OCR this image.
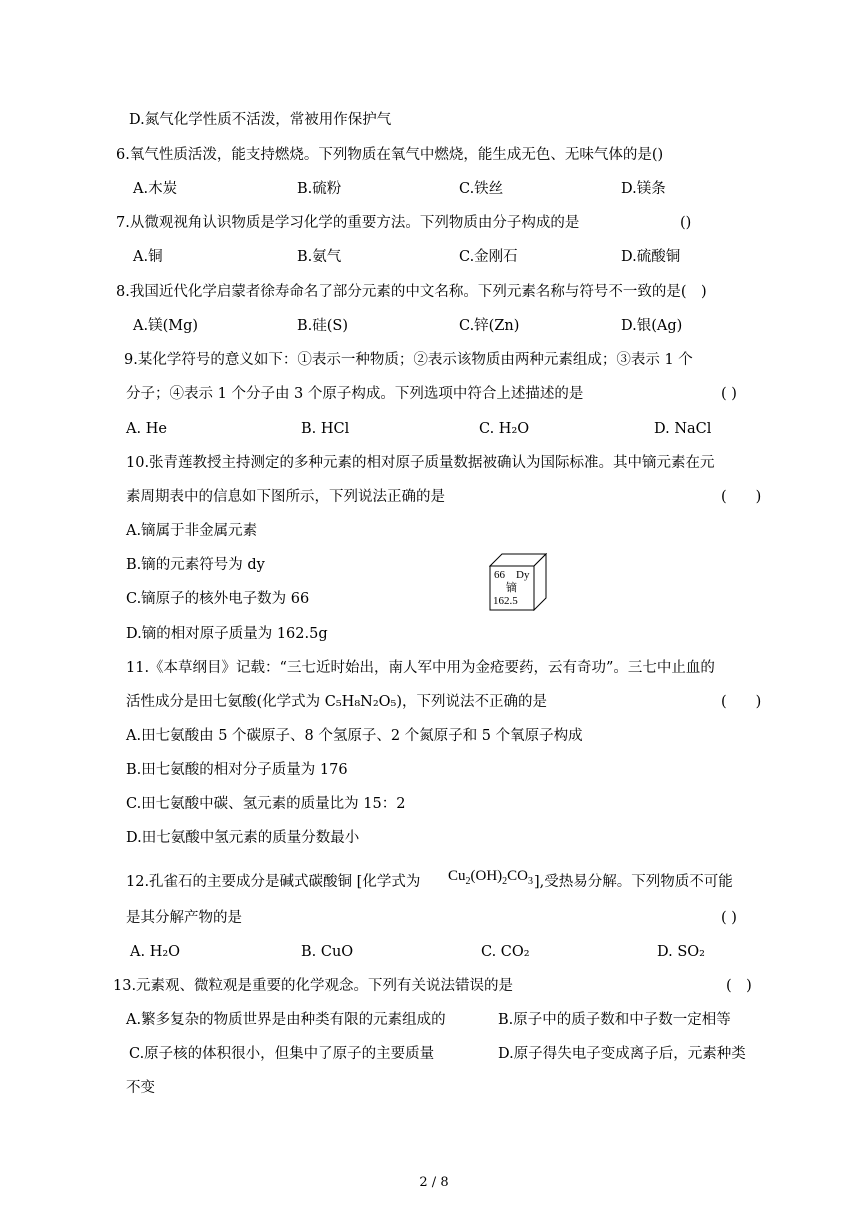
D.氮气化学性质不活泼，常被用作保护气
6.氧气性质活泼，能支持燃烧。下列物质在氧气中燃烧，能生成无色、无味气体的是()
A.木炭	B.硫粉	C.铁丝	D.镁条
7.从微观视角认识物质是学习化学的重要方法。下列物质由分子构成的是	()
A.铜	B.氨气	C.金刚石	D.硫酸铜
8.我国近代化学启蒙者徐寿命名了部分元素的中文名称。下列元素名称与符号不一致的是(　)
A.镁(Mg)	B.硅(S)	C.锌(Zn)	D.银(Ag)
9.某化学符号的意义如下：①表示一种物质；②表示该物质由两种元素组成；③表示 1 个
分子；④表示 1 个分子由 3 个原子构成。下列选项中符合上述描述的是	( )
A. He	B. HCl	C. H₂O	D. NaCl
10.张青莲教授主持测定的多种元素的相对原子质量数据被确认为国际标准。其中镝元素在元
素周期表中的信息如下图所示，下列说法正确的是	(　　)
A.镝属于非金属元素
B.镝的元素符号为 dy
C.镝原子的核外电子数为 66
D.镝的相对原子质量为 162.5g
66 Dy
镝
162.5
11.《本草纲目》记载：“三七近时始出，南人军中用为金疮要药，云有奇功”。三七中止血的
活性成分是田七氨酸(化学式为 C₅H₈N₂O₅)，下列说法不正确的是	(　　)
A.田七氨酸由 5 个碳原子、8 个氢原子、2 个氮原子和 5 个氧原子构成
B.田七氨酸的相对分子质量为 176
C.田七氨酸中碳、氢元素的质量比为 15：2
D.田七氨酸中氢元素的质量分数最小
12.孔雀石的主要成分是碱式碳酸铜 [化学式为 $Cu_2(OH)_2CO_3$ ],受热易分解。下列物质不可能
是其分解产物的是	( )
A. H₂O	B. CuO	C. CO₂	D. SO₂
13.元素观、微粒观是重要的化学观念。下列有关说法错误的是	(　)
A.繁多复杂的物质世界是由种类有限的元素组成的	B.原子中的质子数和中子数一定相等
C.原子核的体积很小，但集中了原子的主要质量	D.原子得失电子变成离子后，元素种类
不变
2 / 8
